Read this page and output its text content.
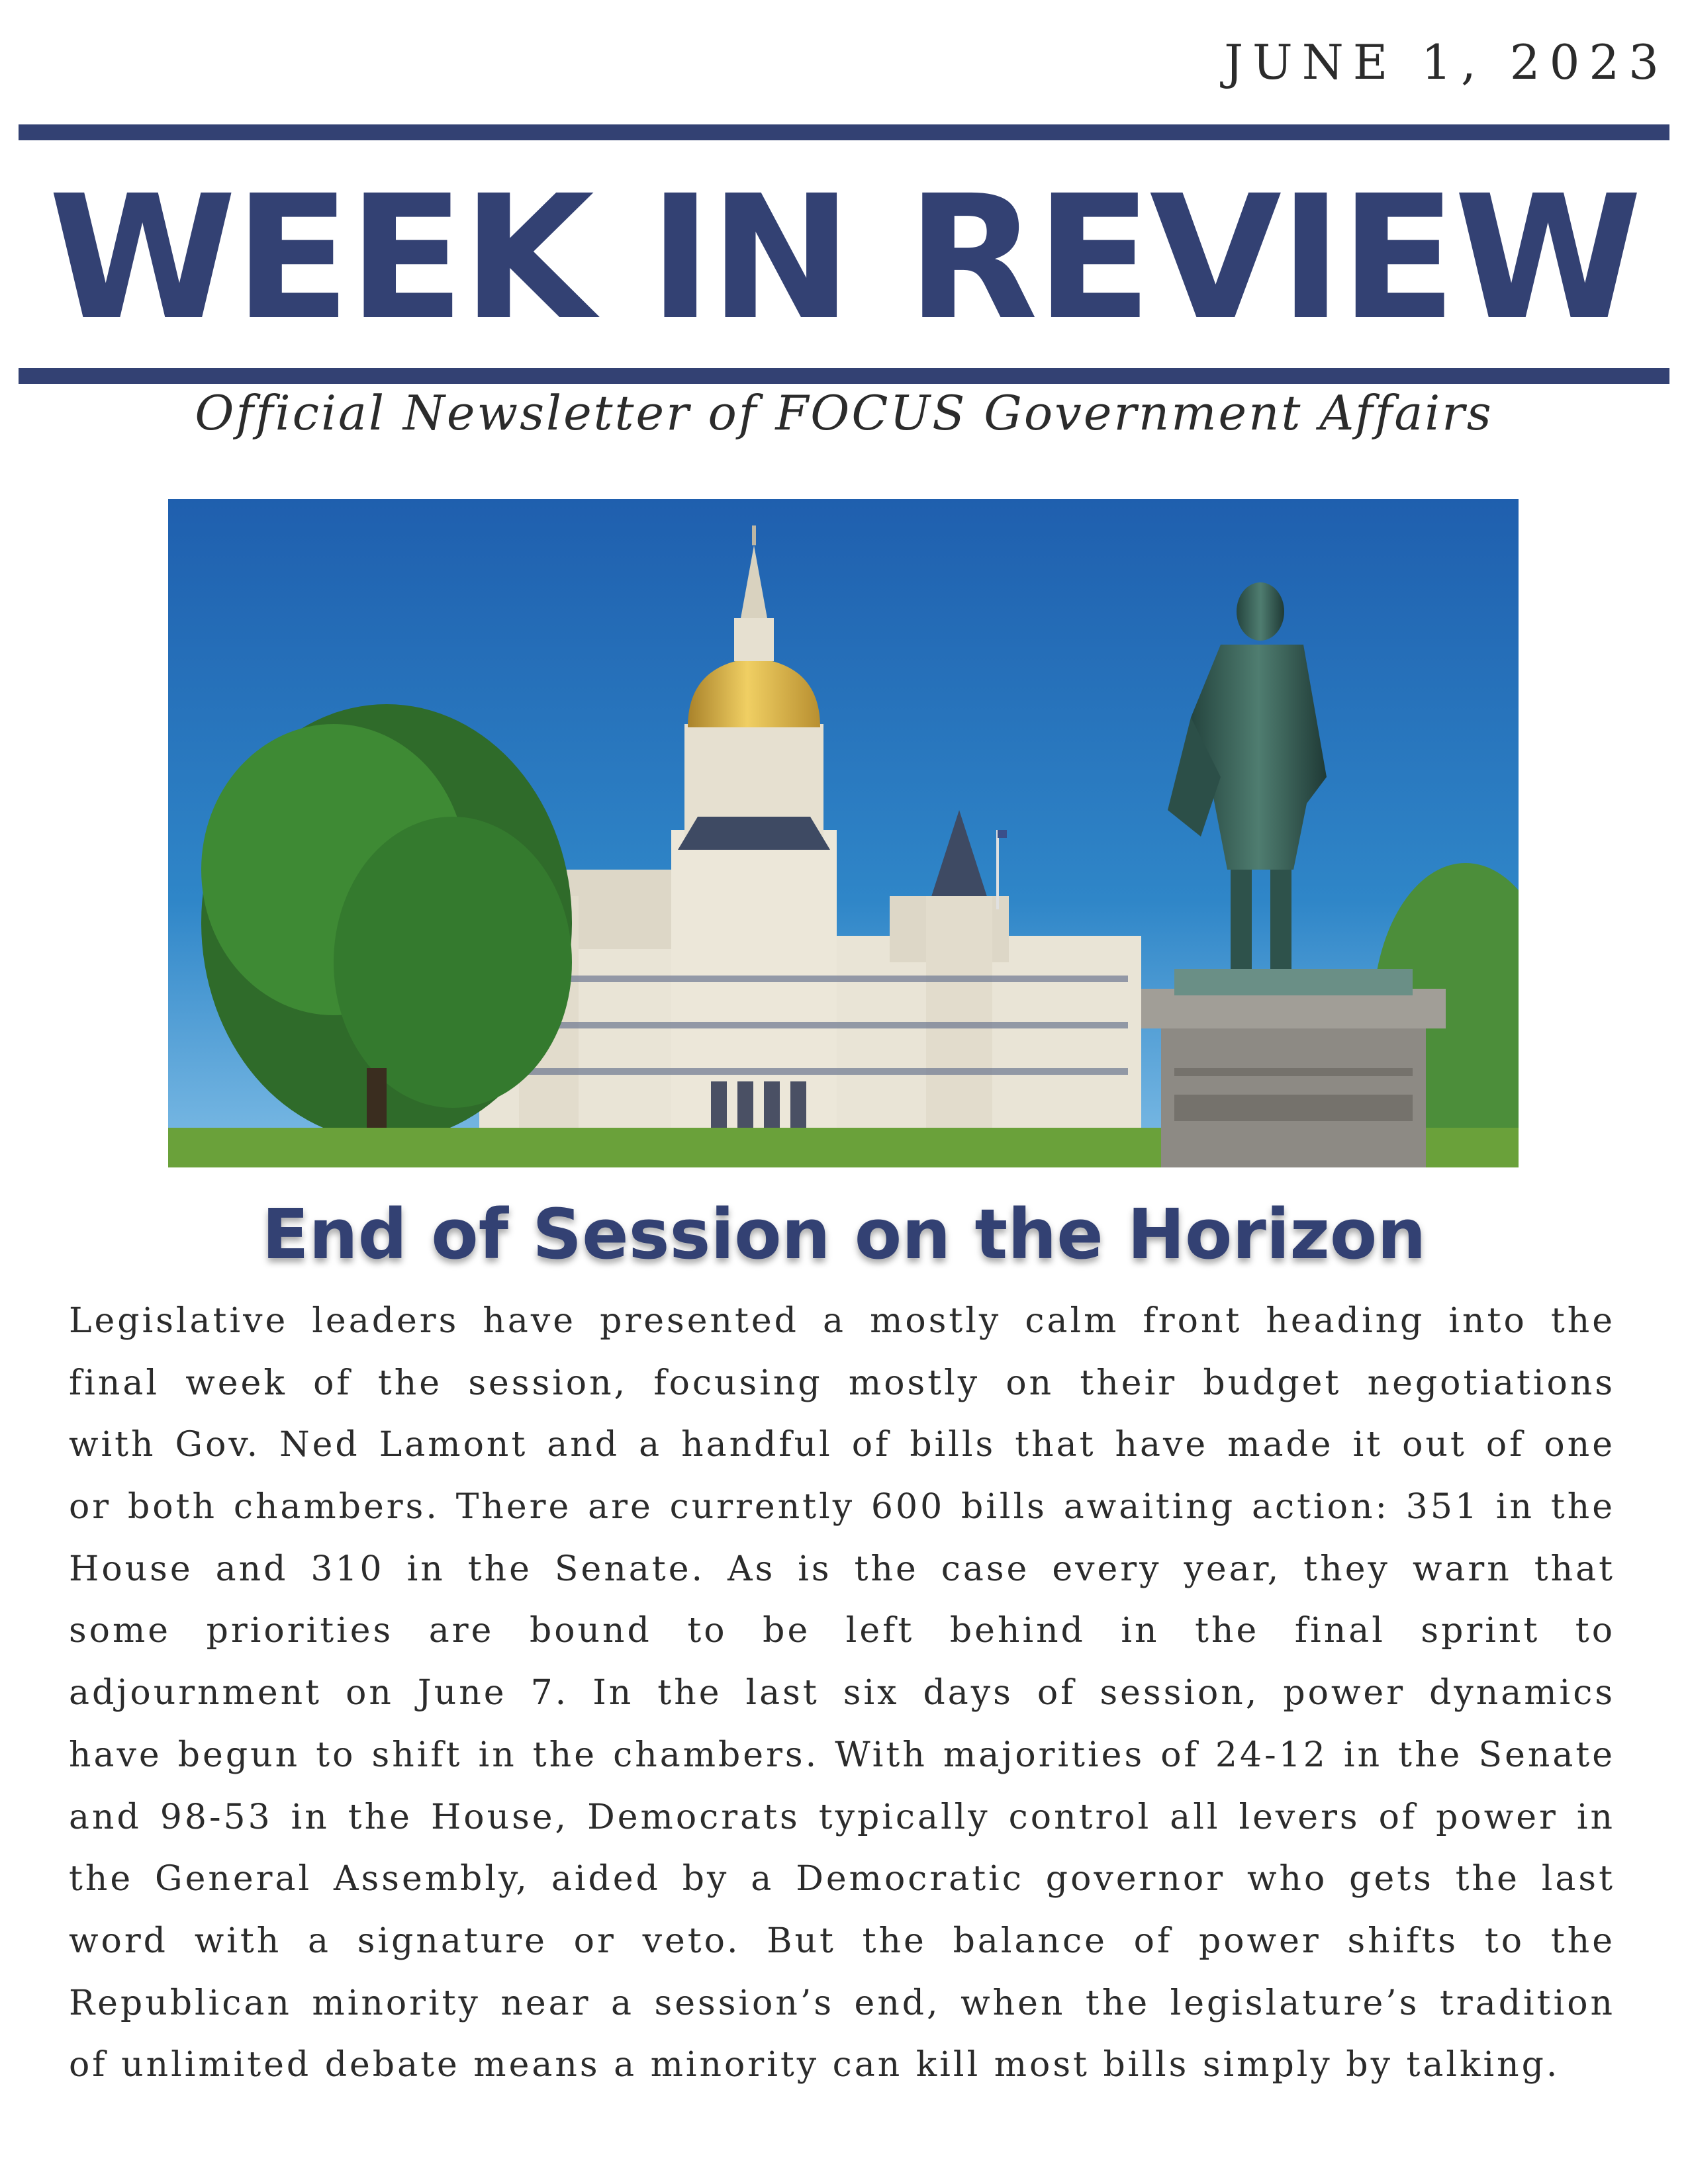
JUNE 1, 2023
WEEK IN REVIEW
Official Newsletter of FOCUS Government Affairs
End of Session on the Horizon
Legislative leaders have presented a mostly calm front heading into the
final week of the session, focusing mostly on their budget negotiations
with Gov. Ned Lamont and a handful of bills that have made it out of one
or both chambers. There are currently 600 bills awaiting action: 351 in the
House and 310 in the Senate. As is the case every year, they warn that
some priorities are bound to be left behind in the final sprint to
adjournment on June 7. In the last six days of session, power dynamics
have begun to shift in the chambers. With majorities of 24-12 in the Senate
and 98-53 in the House, Democrats typically control all levers of power in
the General Assembly, aided by a Democratic governor who gets the last
word with a signature or veto. But the balance of power shifts to the
Republican minority near a session’s end, when the legislature’s tradition
of unlimited debate means a minority can kill most bills simply by talking.
